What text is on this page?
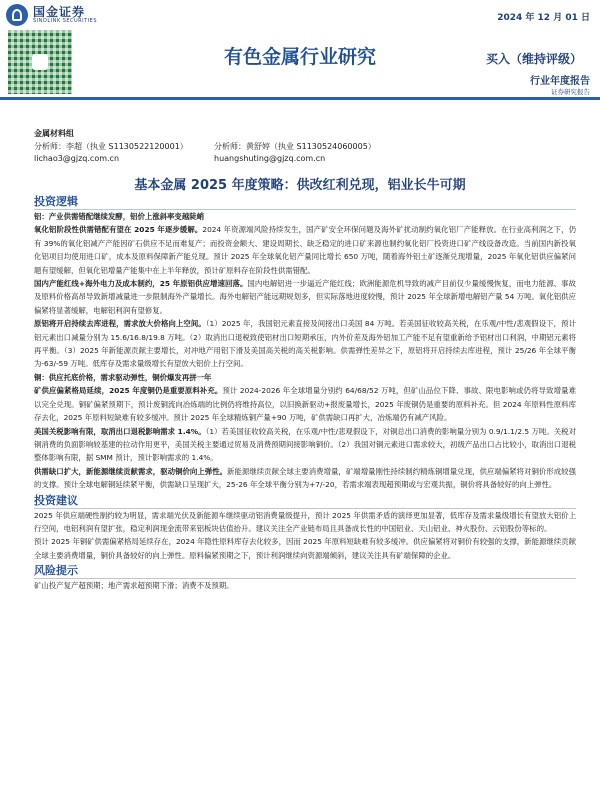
国金证券
SINOLINK SECURITIES	2024 年 12 月 01 日
有色金属行业研究	买入（维持评级）
行业年度报告
证券研究报告
金属材料组
分析师：李超（执业 S1130522120001）	分析师：黄舒婷（执业 S1130524060005）
lichao3@gjzq.com.cn	huangshuting@gjzq.com.cn
基本金属 2025 年度策略：供改红利兑现，铝业长牛可期
投资逻辑

铝：产业供需错配继续发酵，铝价上涨斜率变越陡峭

氧化铝阶段性供需错配有望在 2025 年逐步缓解。2024 年资源端风险持续发生，国产矿安全环保问题及海外矿扰动制约氧化铝厂产能释放。在行业高利润之下，仍有 39%的氧化铝减产产能因矿石供应不足而难复产；而投资金额大、建设周期长、缺乏稳定的进口矿来源也制约氧化铝厂投资进口矿产线设备改造。当前国内新投氧化铝项目均使用进口矿，成本及原料保障新产能兑现。预计 2025 年全球氧化铝产量同比增长 650 万吨，随着海外铝土矿逐渐兑现增量，2025 年氧化铝供应偏紧问题有望缓解，但氧化铝增量产能集中在上半年释放，预计矿原料存在阶段性供需错配。

国内产能红线+海外电力及成本制约，25 年原铝供应增速回落。国内电解铝进一步逼近产能红线；欧洲能源危机导致的减产目前仅少量缓慢恢复，而电力能源、事故及原料价格高昂导致新增减量进一步限制海外产量增长。海外电解铝产能远期规划多，但实际落地进度较慢，预计 2025 年全球新增电解铝产量 54 万吨。氧化铝供应偏紧将显著缓解，电解铝利润有望修复。

原铝将开启持续去库进程，需求放大价格向上空间。（1）2025 年，我国铝元素直接及间接出口美国 84 万吨。若美国征收较高关税，在乐观/中性/悲观假设下，预计铝元素出口减量分别为 15.6/16.8/19.8 万吨。（2）取消出口退税致使铝材出口短期承压，内外价差及海外铝加工产能不足有望重新给予铝材出口利润，中期铝元素将再平衡。（3）2025 年新能源贡献主要增长，对冲地产用铝下滑及美国高关税的高关税影响。供需弹性差异之下，原铝将开启持续去库进程，预计 25/26 年全球平衡为-63/-59 万吨。低库存及需求量级增长有望放大铝价上行空间。

铜：供应托底价格，需求驱动弹性，铜价爆发再拼一年

矿供应偏紧格局延续，2025 年度铜仍是重要原料补充。预计 2024-2026 年全球增量分别约 64/68/52 万吨，但矿山品位下降、事故、限电影响或仍将导致增量难以完全兑现。铜矿偏紧预期下，预计废铜流向冶炼端的比例仍将维持高位，以旧换新驱动+报废量增长，2025 年废铜仍是重要的原料补充。但 2024 年原料性原料库存去化，2025 年原料短缺难有较多缓冲。预计 2025 年全球精炼铜产量+90 万吨，矿供需缺口再扩大，冶炼端仍有减产风险。

美国关税影响有限，取消出口退税影响需求 1.4%。（1）若美国征收较高关税，在乐观/中性/悲观假设下，对铜总出口消费的影响量分别为 0.9/1.1/2.5 万吨。关税对铜消费的负面影响较基建的拉动作用更平，美国关税主要通过贸易及消费预期间接影响铜价。（2）我国对铜元素进口需求较大，初级产品出口占比较小，取消出口退税整体影响有限，据 SMM 预计，预计影响需求的 1.4%。

供需缺口扩大，新能源继续贡献需求，驱动铜价向上弹性。新能源继续贡献全球主要消费增量，矿端增量刚性持续制约精炼铜增量兑现，供应端偏紧将对铜价形成较强的支撑。预计全球电解铜延续紧平衡，供需缺口呈现扩大，25-26 年全球平衡分别为+7/-20，若需求端表现超预期或与宏观共振，铜价将具备较好的向上弹性。

投资建议

2025 年供应端硬性制约较为明显，需求端光伏及新能源车继续驱动铝消费量级提升，预计 2025 年供需矛盾的演绎更加显著，低库存及需求量级增长有望放大铝价上行空间，电铝利润有望扩张，稳定利润现金流带来铝板块估值抬升。建议关注全产业链布局且具备成长性的中国铝业、天山铝业、神火股份、云铝股份等标的。

预计 2025 年铜矿供需偏紧格局延续存在，2024 年隐性原料库存去化较多，因而 2025 年原料短缺难有较多缓冲。供应偏紧将对铜价有较强的支撑，新能源继续贡献全球主要消费增量，铜价具备较好的向上弹性。原料偏紧预期之下，预计利润继续向资源端倾斜，建议关注具有矿端保障的企业。

风险提示

矿山投产复产超预期；地产需求超预期下滑；消费不及预期。
